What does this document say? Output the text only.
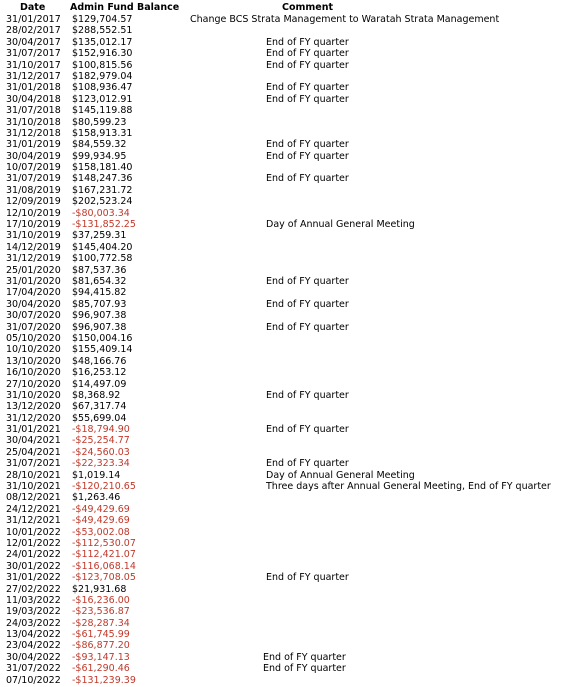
Date	Admin Fund Balance	Comment
31/01/2017	$129,704.57	Change BCS Strata Management to Waratah Strata Management
28/02/2017	$288,552.51
30/04/2017	$135,012.17	End of FY quarter
31/07/2017	$152,916.30	End of FY quarter
31/10/2017	$100,815.56	End of FY quarter
31/12/2017	$182,979.04
31/01/2018	$108,936.47	End of FY quarter
30/04/2018	$123,012.91	End of FY quarter
31/07/2018	$145,119.88
31/10/2018	$80,599.23
31/12/2018	$158,913.31
31/01/2019	$84,559.32	End of FY quarter
30/04/2019	$99,934.95	End of FY quarter
10/07/2019	$158,181.40
31/07/2019	$148,247.36	End of FY quarter
31/08/2019	$167,231.72
12/09/2019	$202,523.24
12/10/2019	-$80,003.34
17/10/2019	-$131,852.25	Day of Annual General Meeting
31/10/2019	$37,259.31
14/12/2019	$145,404.20
31/12/2019	$100,772.58
25/01/2020	$87,537.36
31/01/2020	$81,654.32	End of FY quarter
17/04/2020	$94,415.82
30/04/2020	$85,707.93	End of FY quarter
30/07/2020	$96,907.38
31/07/2020	$96,907.38	End of FY quarter
05/10/2020	$150,004.16
10/10/2020	$155,409.14
13/10/2020	$48,166.76
16/10/2020	$16,253.12
27/10/2020	$14,497.09
31/10/2020	$8,368.92	End of FY quarter
13/12/2020	$67,317.74
31/12/2020	$55,699.04
31/01/2021	-$18,794.90	End of FY quarter
30/04/2021	-$25,254.77
25/04/2021	-$24,560.03
31/07/2021	-$22,323.34	End of FY quarter
28/10/2021	$1,019.14	Day of Annual General Meeting
31/10/2021	-$120,210.65	Three days after Annual General Meeting, End of FY quarter
08/12/2021	$1,263.46
24/12/2021	-$49,429.69
31/12/2021	-$49,429.69
10/01/2022	-$53,002.08
12/01/2022	-$112,530.07
24/01/2022	-$112,421.07
30/01/2022	-$116,068.14
31/01/2022	-$123,708.05	End of FY quarter
27/02/2022	$21,931.68
11/03/2022	-$16,236.00
19/03/2022	-$23,536.87
24/03/2022	-$28,287.34
13/04/2022	-$61,745.99
23/04/2022	-$86,877.20
30/04/2022	-$93,147.13	End of FY quarter
31/07/2022	-$61,290.46	End of FY quarter
07/10/2022	-$131,239.39
